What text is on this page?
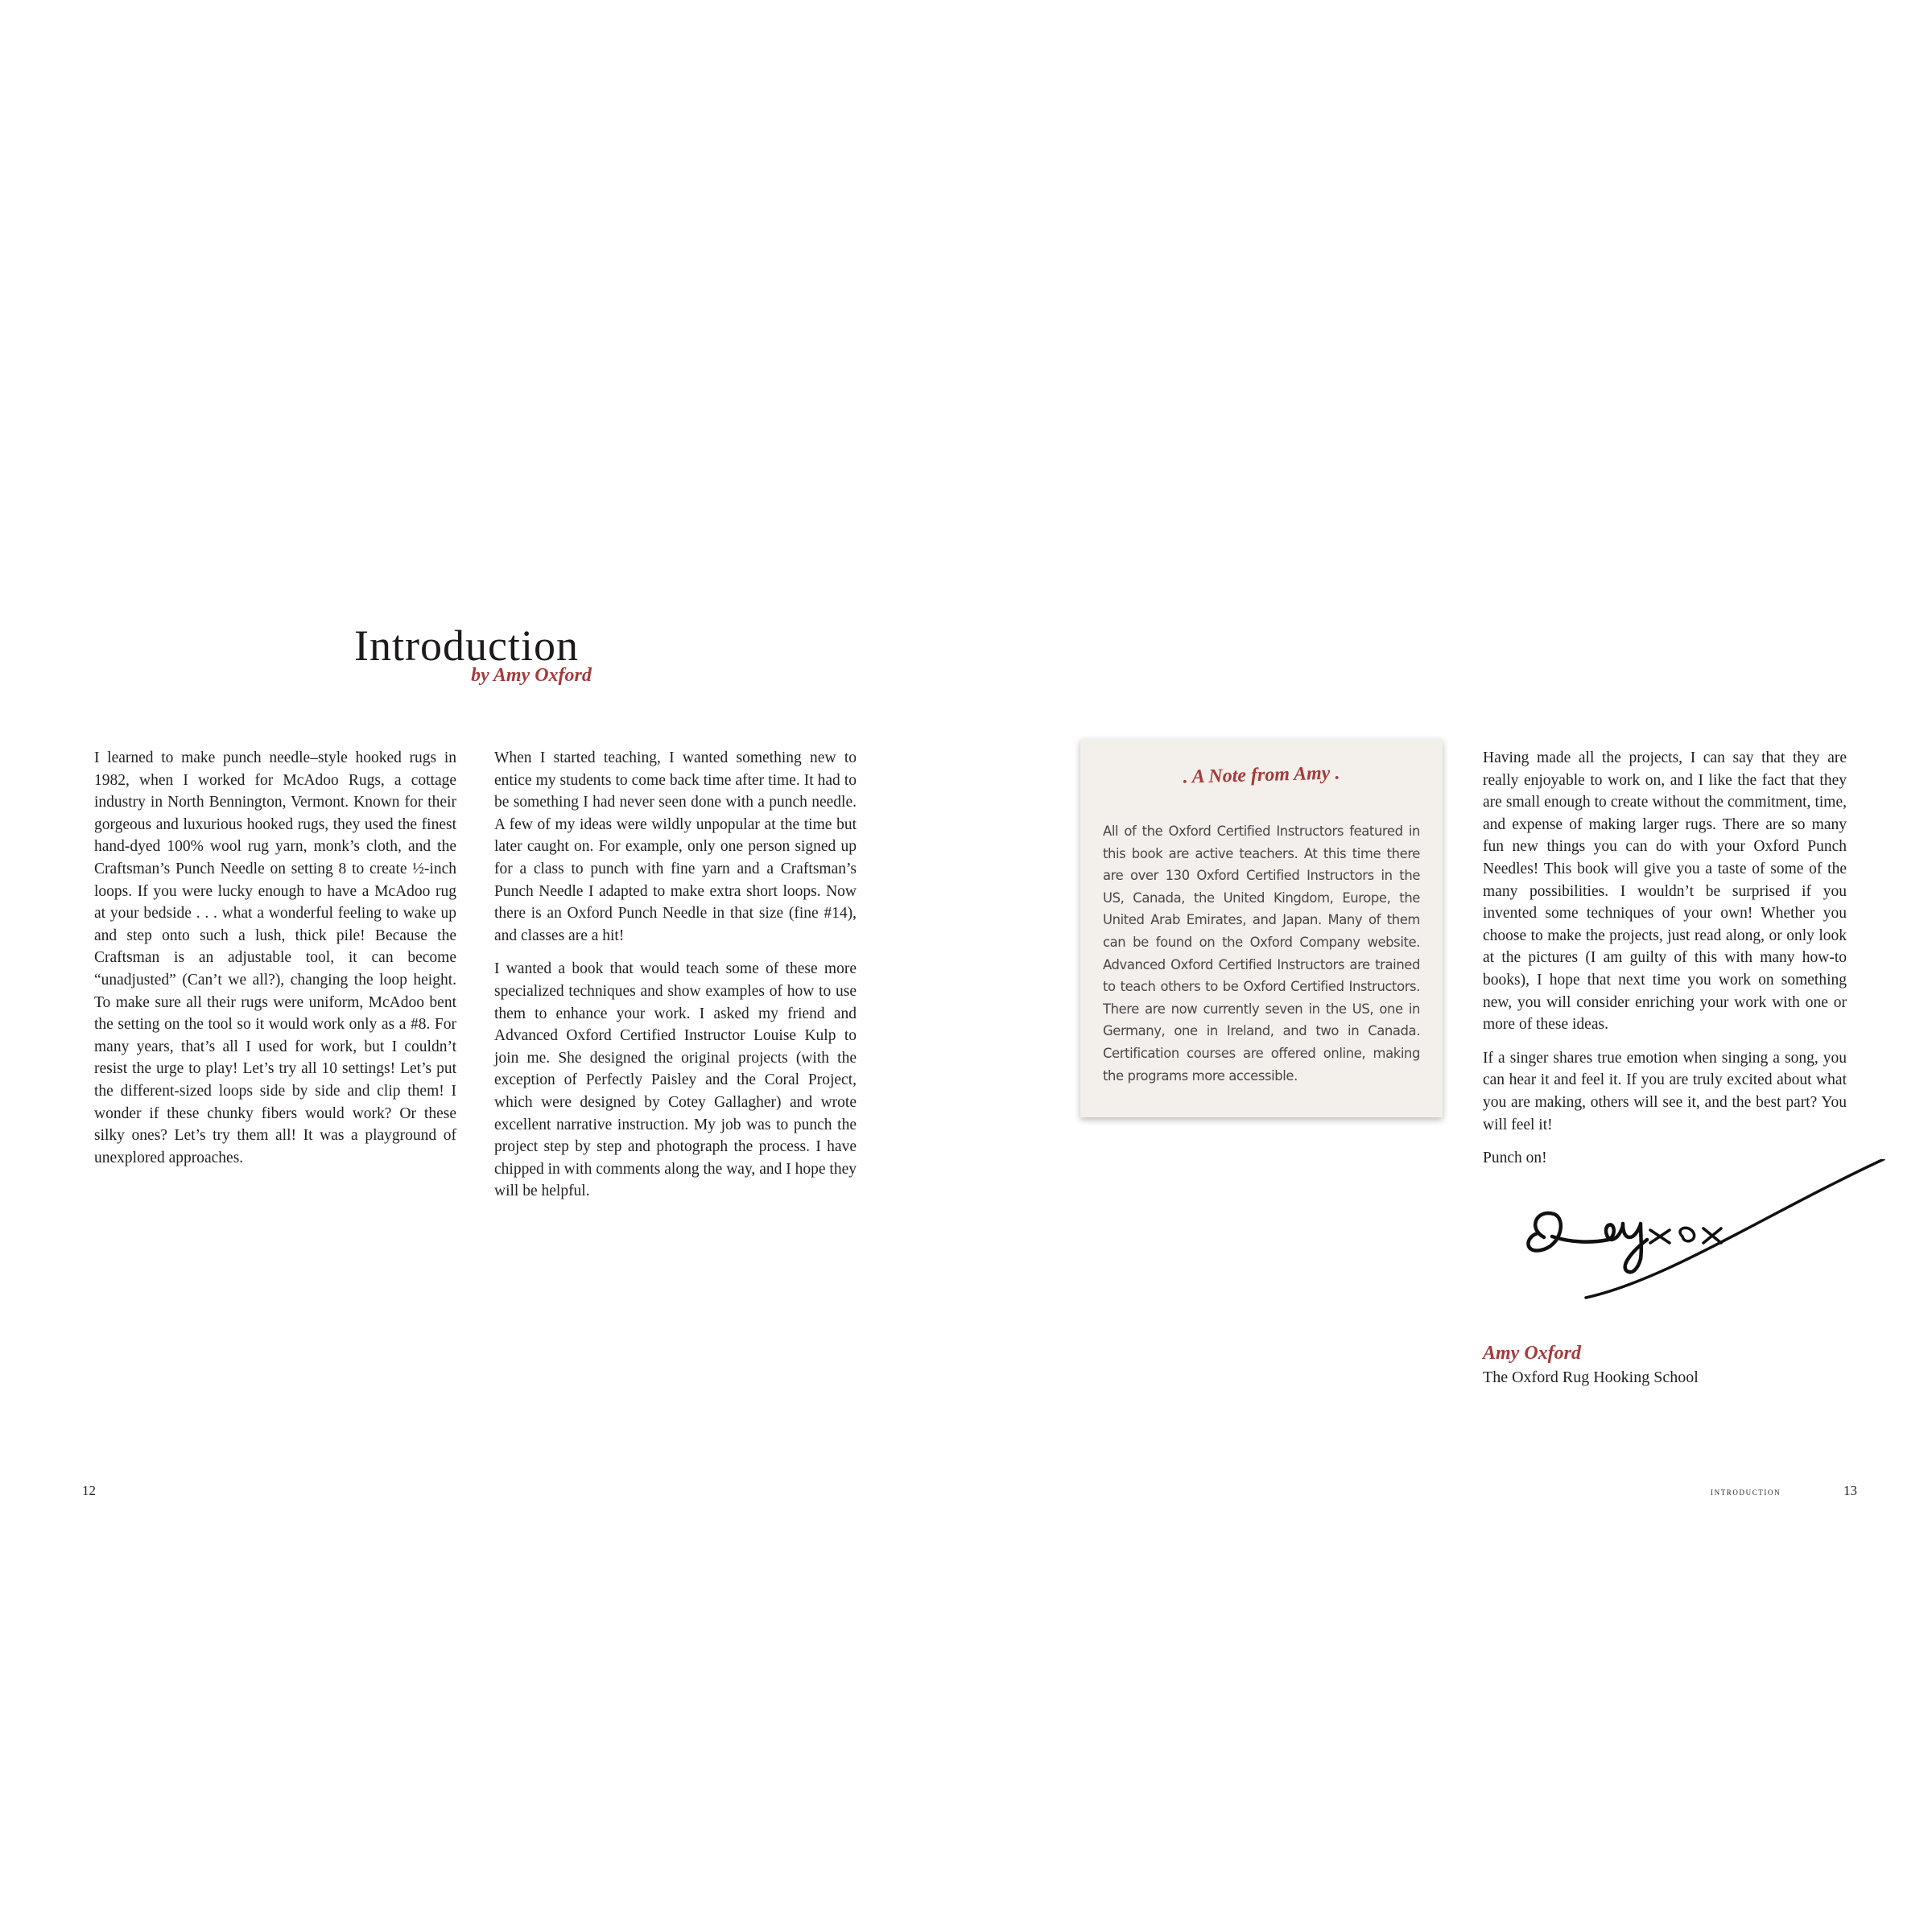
Introduction
by Amy Oxford

I learned to make punch needle–style hooked rugs in 1982, when I worked for McAdoo Rugs, a cottage industry in North Bennington, Vermont. Known for their gorgeous and luxurious hooked rugs, they used the finest hand-dyed 100% wool rug yarn, monk’s cloth, and the Craftsman’s Punch Needle on setting 8 to create ½-inch loops. If you were lucky enough to have a McAdoo rug at your bedside . . . what a wonderful feeling to wake up and step onto such a lush, thick pile! Because the Craftsman is an adjustable tool, it can become “unadjusted” (Can’t we all?), changing the loop height. To make sure all their rugs were uniform, McAdoo bent the setting on the tool so it would work only as a #8. For many years, that’s all I used for work, but I couldn’t resist the urge to play! Let’s try all 10 settings! Let’s put the different-sized loops side by side and clip them! I wonder if these chunky fibers would work? Or these silky ones? Let’s try them all! It was a playground of unexplored approaches.

When I started teaching, I wanted something new to entice my students to come back time after time. It had to be something I had never seen done with a punch needle. A few of my ideas were wildly unpopular at the time but later caught on. For example, only one person signed up for a class to punch with fine yarn and a Craftsman’s Punch Needle I adapted to make extra short loops. Now there is an Oxford Punch Needle in that size (fine #14), and classes are a hit!

I wanted a book that would teach some of these more specialized techniques and show examples of how to use them to enhance your work. I asked my friend and Advanced Oxford Certified Instructor Louise Kulp to join me. She designed the original projects (with the exception of Perfectly Paisley and the Coral Project, which were designed by Cotey Gallagher) and wrote excellent narrative instruction. My job was to punch the project step by step and photograph the process. I have chipped in with comments along the way, and I hope they will be helpful.

. A Note from Amy .
All of the Oxford Certified Instructors featured in this book are active teachers. At this time there are over 130 Oxford Certified Instructors in the US, Canada, the United Kingdom, Europe, the United Arab Emirates, and Japan. Many of them can be found on the Oxford Company website. Advanced Oxford Certified Instructors are trained to teach others to be Oxford Certified Instructors. There are now currently seven in the US, one in Germany, one in Ireland, and two in Canada. Certification courses are offered online, making the programs more accessible.

Having made all the projects, I can say that they are really enjoyable to work on, and I like the fact that they are small enough to create without the commitment, time, and expense of making larger rugs. There are so many fun new things you can do with your Oxford Punch Needles! This book will give you a taste of some of the many possibilities. I wouldn’t be surprised if you invented some techniques of your own! Whether you choose to make the projects, just read along, or only look at the pictures (I am guilty of this with many how-to books), I hope that next time you work on something new, you will consider enriching your work with one or more of these ideas.

If a singer shares true emotion when singing a song, you can hear it and feel it. If you are truly excited about what you are making, others will see it, and the best part? You will feel it!

Punch on!

Amy Oxford
The Oxford Rug Hooking School
12	introduction	13
